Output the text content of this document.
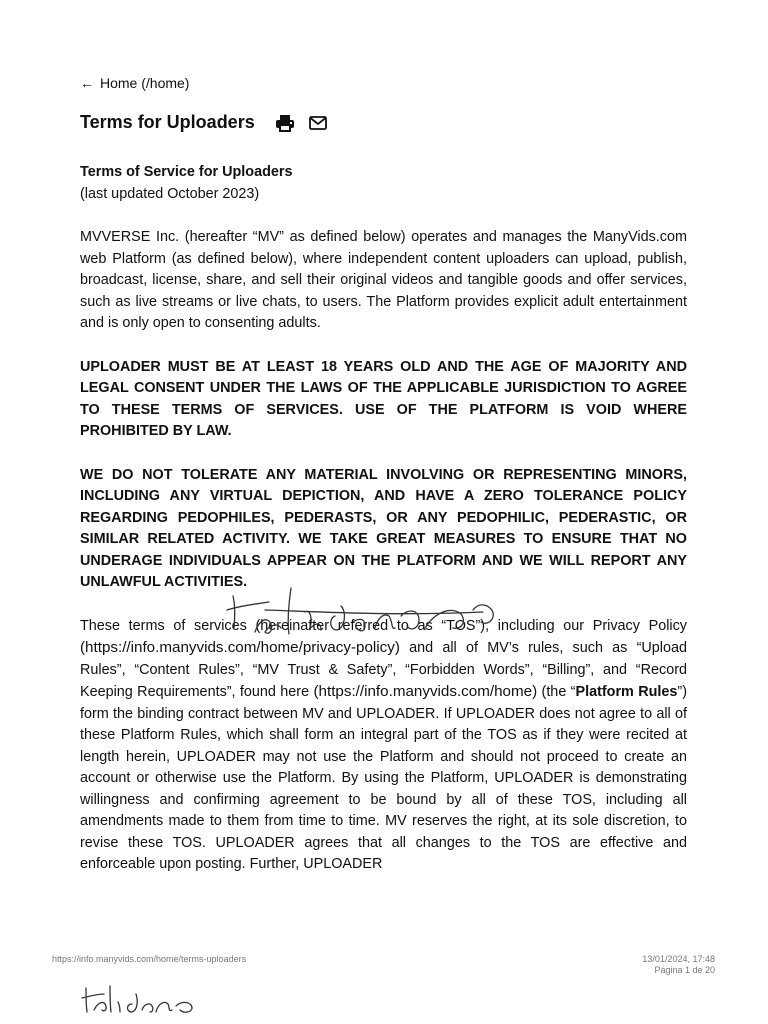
← Home (/home)
Terms for Uploaders

Terms of Service for Uploaders
(last updated October 2023)

MVVERSE Inc. (hereafter “MV” as defined below) operates and manages the ManyVids.com web Platform (as defined below), where independent content uploaders can upload, publish, broadcast, license, share, and sell their original videos and tangible goods and offer services, such as live streams or live chats, to users. The Platform provides explicit adult entertainment and is only open to consenting adults.

UPLOADER MUST BE AT LEAST 18 YEARS OLD AND THE AGE OF MAJORITY AND LEGAL CONSENT UNDER THE LAWS OF THE APPLICABLE JURISDICTION TO AGREE TO THESE TERMS OF SERVICES. USE OF THE PLATFORM IS VOID WHERE PROHIBITED BY LAW.

WE DO NOT TOLERATE ANY MATERIAL INVOLVING OR REPRESENTING MINORS, INCLUDING ANY VIRTUAL DEPICTION, AND HAVE A ZERO TOLERANCE POLICY REGARDING PEDOPHILES, PEDERASTS, OR ANY PEDOPHILIC, PEDERASTIC, OR SIMILAR RELATED ACTIVITY. WE TAKE GREAT MEASURES TO ENSURE THAT NO UNDERAGE INDIVIDUALS APPEAR ON THE PLATFORM AND WE WILL REPORT ANY UNLAWFUL ACTIVITIES.

These terms of services (hereinafter referred to as “TOS”), including our Privacy Policy (https://info.manyvids.com/home/privacy-policy) and all of MV’s rules, such as “Upload Rules”, “Content Rules”, “MV Trust & Safety”, “Forbidden Words”, “Billing”, and “Record Keeping Requirements”, found here (https://info.manyvids.com/home) (the “Platform Rules”) form the binding contract between MV and UPLOADER. If UPLOADER does not agree to all of these Platform Rules, which shall form an integral part of the TOS as if they were recited at length herein, UPLOADER may not use the Platform and should not proceed to create an account or otherwise use the Platform. By using the Platform, UPLOADER is demonstrating willingness and confirming agreement to be bound by all of these TOS, including all amendments made to them from time to time. MV reserves the right, at its sole discretion, to revise these TOS. UPLOADER agrees that all changes to the TOS are effective and enforceable upon posting. Further, UPLOADER

https://info.manyvids.com/home/terms-uploaders	13/01/2024, 17:48
Página 1 de 20
